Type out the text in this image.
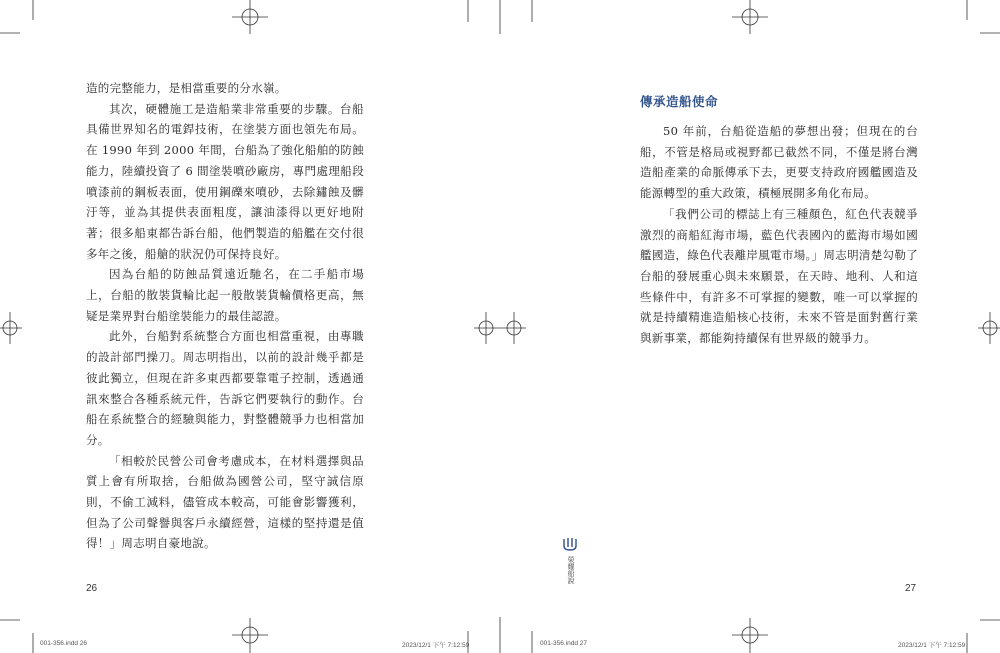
造的完整能力，是相當重要的分水嶺。

其次，硬體施工是造船業非常重要的步驟。台船具備世界知名的電銲技術，在塗裝方面也領先布局。在 1990 年到 2000 年間，台船為了強化船舶的防蝕能力，陸續投資了 6 間塗裝噴砂廠房，專門處理船段噴漆前的鋼板表面，使用鋼礫來噴砂，去除鏽蝕及髒汙等，並為其提供表面粗度，讓油漆得以更好地附著；很多船東都告訴台船，他們製造的船艦在交付很多年之後，船艙的狀況仍可保持良好。

因為台船的防蝕品質遠近馳名，在二手船市場上，台船的散裝貨輪比起一般散裝貨輪價格更高，無疑是業界對台船塗裝能力的最佳認證。

此外，台船對系統整合方面也相當重視，由專職的設計部門操刀。周志明指出，以前的設計幾乎都是彼此獨立，但現在許多東西都要靠電子控制，透過通訊來整合各種系統元件，告訴它們要執行的動作。台船在系統整合的經驗與能力，對整體競爭力也相當加分。

「相較於民營公司會考慮成本，在材料選擇與品質上會有所取捨，台船做為國營公司，堅守誠信原則，不偷工減料，儘管成本較高，可能會影響獲利，但為了公司聲譽與客戶永續經營，這樣的堅持還是值得！」周志明自豪地說。

26
001-356.indd 26	2023/12/1 下午 7:12:59
傳承造船使命

50 年前，台船從造船的夢想出發；但現在的台船，不管是格局或視野都已截然不同，不僅是將台灣造船產業的命脈傳承下去，更要支持政府國艦國造及能源轉型的重大政策，積極展開多角化布局。

「我們公司的標誌上有三種顏色，紅色代表競爭激烈的商船紅海市場，藍色代表國內的藍海市場如國艦國造，綠色代表離岸風電市場。」周志明清楚勾勒了台船的發展重心與未來願景，在天時、地利、人和這些條件中，有許多不可掌握的變數，唯一可以掌握的就是持續精進造船核心技術，未來不管是面對舊行業與新事業，都能夠持續保有世界級的競爭力。

27
001-356.indd 27	2023/12/1 下午 7:12:59
榮耀船說
